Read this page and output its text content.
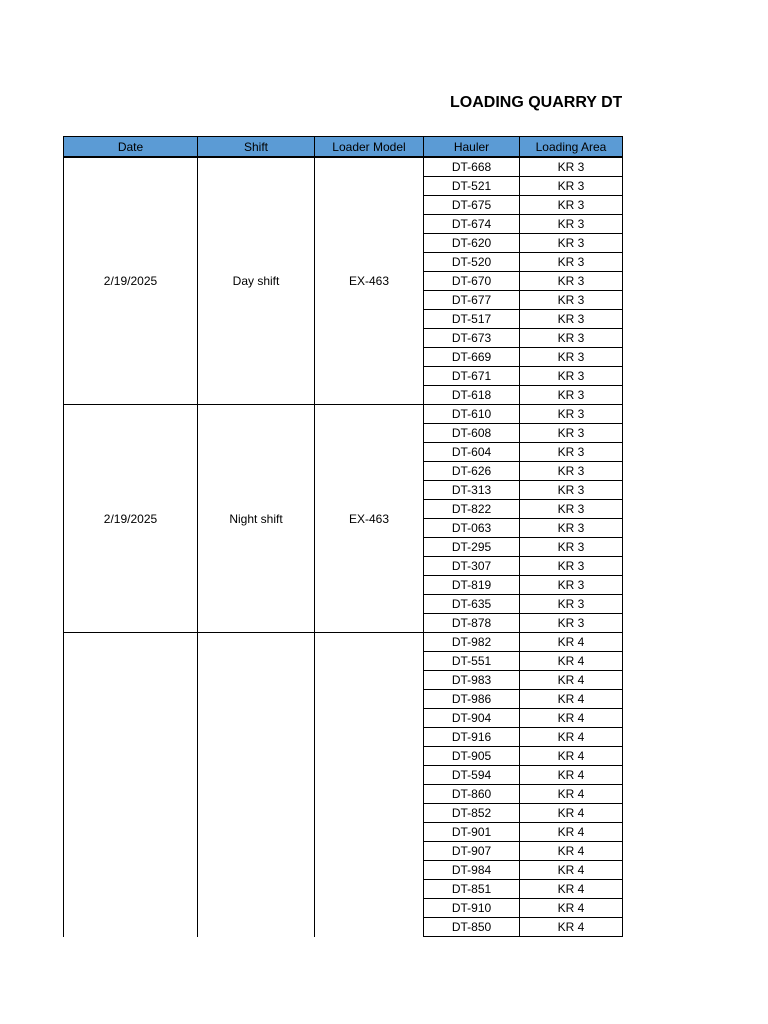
LOADING QUARRY DT
Date	Shift	Loader Model	Hauler	Loading Area
2/19/2025	Day shift	EX-463	DT-668	KR 3
			DT-521	KR 3
			DT-675	KR 3
			DT-674	KR 3
			DT-620	KR 3
			DT-520	KR 3
			DT-670	KR 3
			DT-677	KR 3
			DT-517	KR 3
			DT-673	KR 3
			DT-669	KR 3
			DT-671	KR 3
			DT-618	KR 3
2/19/2025	Night shift	EX-463	DT-610	KR 3
			DT-608	KR 3
			DT-604	KR 3
			DT-626	KR 3
			DT-313	KR 3
			DT-822	KR 3
			DT-063	KR 3
			DT-295	KR 3
			DT-307	KR 3
			DT-819	KR 3
			DT-635	KR 3
			DT-878	KR 3
			DT-982	KR 4
			DT-551	KR 4
			DT-983	KR 4
			DT-986	KR 4
			DT-904	KR 4
			DT-916	KR 4
			DT-905	KR 4
			DT-594	KR 4
			DT-860	KR 4
			DT-852	KR 4
			DT-901	KR 4
			DT-907	KR 4
			DT-984	KR 4
			DT-851	KR 4
			DT-910	KR 4
			DT-850	KR 4
